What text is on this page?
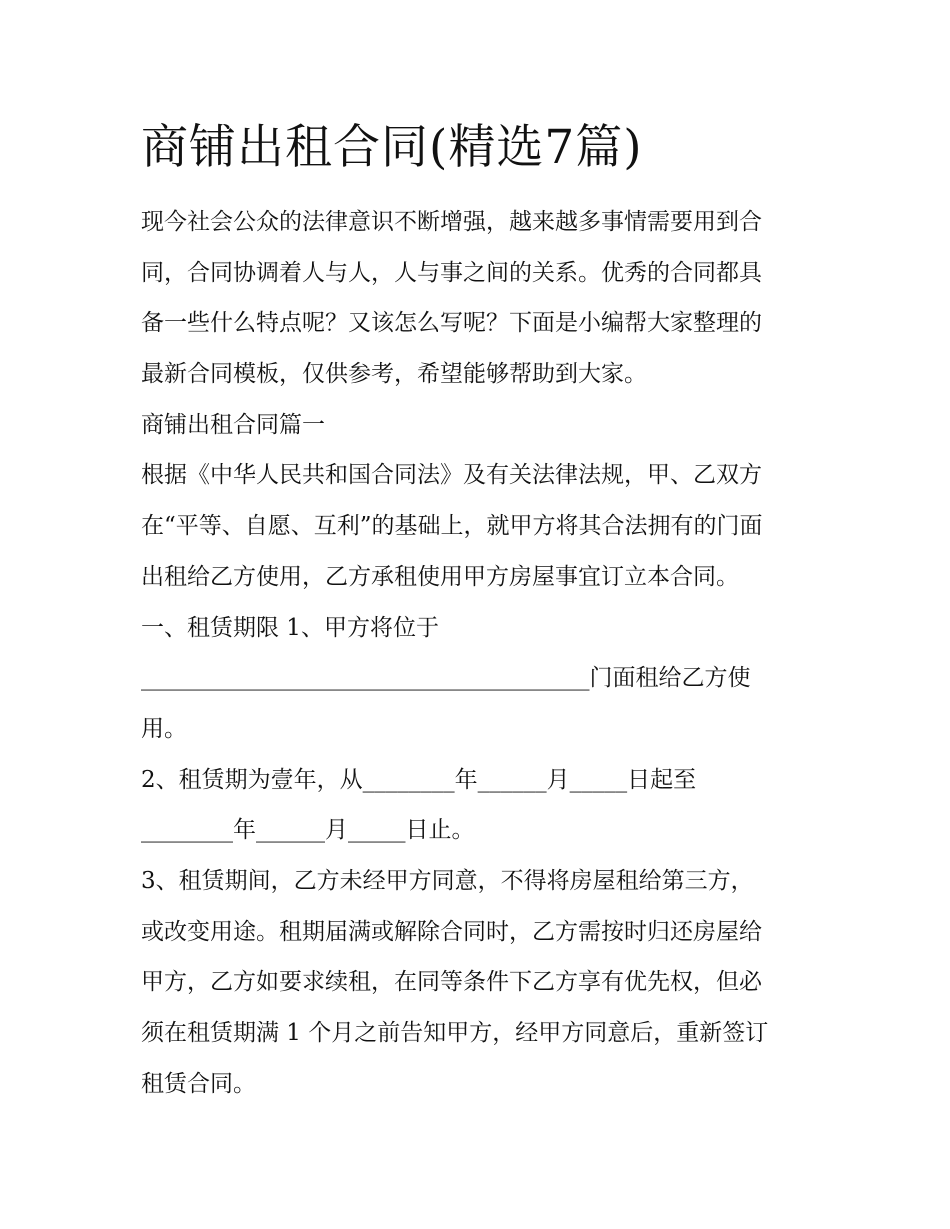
商铺出租合同(精选7篇)
现今社会公众的法律意识不断增强，越来越多事情需要用到合
同，合同协调着人与人，人与事之间的关系。优秀的合同都具
备一些什么特点呢？又该怎么写呢？下面是小编帮大家整理的
最新合同模板，仅供参考，希望能够帮助到大家。
商铺出租合同篇一
根据《中华人民共和国合同法》及有关法律法规，甲、乙双方
在“平等、自愿、互利”的基础上，就甲方将其合法拥有的门面
出租给乙方使用，乙方承租使用甲方房屋事宜订立本合同。
一、租赁期限 1、甲方将位于
_______________________________________门面租给乙方使
用。
2、租赁期为壹年，从________年______月_____日起至
________年______月_____日止。
3、租赁期间，乙方未经甲方同意，不得将房屋租给第三方，
或改变用途。租期届满或解除合同时，乙方需按时归还房屋给
甲方，乙方如要求续租，在同等条件下乙方享有优先权，但必
须在租赁期满 1 个月之前告知甲方，经甲方同意后，重新签订
租赁合同。
